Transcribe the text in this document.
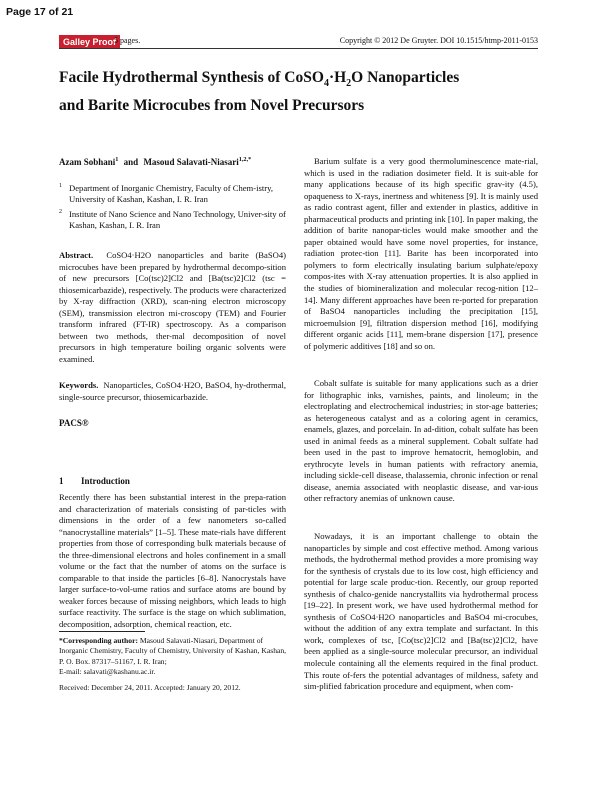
Page 17 of 21
Galley Proof
5 pages.	Copyright © 2012 De Gruyter. DOI 10.1515/htmp-2011-0153
Facile Hydrothermal Synthesis of $CoSO_4\cdot H_2O$ Nanoparticles
and Barite Microcubes from Novel Precursors
Azam Sobhani$^1$ and Masoud Salavati-Niasari$^{1,2,*}$
1 Department of Inorganic Chemistry, Faculty of Chem-istry, University of Kashan, Kashan, I. R. Iran
2 Institute of Nano Science and Nano Technology, Univer-sity of Kashan, Kashan, I. R. Iran
Abstract. CoSO4·H2O nanoparticles and barite (BaSO4) microcubes have been prepared by hydrothermal decompo-sition of new precursors [Co(tsc)2]Cl2 and [Ba(tsc)2]Cl2 (tsc = thiosemicarbazide), respectively. The products were characterized by X-ray diffraction (XRD), scan-ning electron microscopy (SEM), transmission electron mi-croscopy (TEM) and Fourier transform infrared (FT-IR) spectroscopy. As a comparison between two methods, ther-mal decomposition of novel precursors in high temperature boiling organic solvents were examined.
Keywords. Nanoparticles, CoSO4·H2O, BaSO4, hy-drothermal, single-source precursor, thiosemicarbazide.
PACS®
1 Introduction
Recently there has been substantial interest in the prepa-ration and characterization of materials consisting of par-ticles with dimensions in the order of a few nanometers so-called “nanocrystalline materials” [1–5]. These mate-rials have different properties from those of corresponding bulk materials because of the three-dimensional electrons and holes confinement in a small volume or the fact that the number of atoms on the surface is comparable to that inside the particles [6–8]. Nanocrystals have larger surface-to-vol-ume ratios and surface atoms are bound by weaker forces because of missing neighbors, which leads to high surface reactivity. The surface is the stage on which sublimation, decomposition, adsorption, chemical reaction, etc.
*Corresponding author: Masoud Salavati-Niasari, Department of Inorganic Chemistry, Faculty of Chemistry, University of Kashan, Kashan, P. O. Box. 87317–51167, I. R. Iran;
E-mail: salavati@kashanu.ac.ir.
Received: December 24, 2011. Accepted: January 20, 2012.
Barium sulfate is a very good thermoluminescence mate-rial, which is used in the radiation dosimeter field. It is suit-able for many applications because of its high specific grav-ity (4.5), opaqueness to X-rays, inertness and whiteness [9]. It is mainly used as radio contrast agent, filler and extender in plastics, additive in pharmaceutical products and printing ink [10]. In paper making, the addition of barite nanopar-ticles would make smoother and the paper obtained would have some novel properties, for instance, radiation protec-tion [11]. Barite has been incorporated into polymers to form electrically insulating barium sulphate/epoxy compos-ites with X-ray attenuation properties. It is also applied in the studies of biomineralization and molecular recog-nition [12–14]. Many different approaches have been re-ported for preparation of BaSO4 nanoparticles including the precipitation [15], microemulsion [9], filtration dispersion method [16], modifying different organic acids [11], mem-brane dispersion [17], presence of polymeric additives [18] and so on.
Cobalt sulfate is suitable for many applications such as a drier for lithographic inks, varnishes, paints, and linoleum; in the electroplating and electrochemical industries; in stor-age batteries; as heterogeneous catalyst and as a coloring agent in ceramics, enamels, glazes, and porcelain. In ad-dition, cobalt sulfate has been used in animal feeds as a mineral supplement. Cobalt sulfate had been used in the past to improve hematocrit, hemoglobin, and erythrocyte levels in human patients with refractory anemia, including sickle-cell disease, thalassemia, chronic infection or renal disease, anemia associated with neoplastic disease, and var-ious other refractory anemias of unknown cause.
Nowadays, it is an important challenge to obtain the nanoparticles by simple and cost effective method. Among various methods, the hydrothermal method provides a more promising way for the synthesis of crystals due to its low cost, high efficiency and potential for large scale produc-tion. Recently, our group reported synthesis of chalco-genide nancrystallits via hydrothermal process [19–22]. In present work, we have used hydrothermal method for synthesis of CoSO4·H2O nanoparticles and BaSO4 mi-crocubes, without the addition of any extra template and surfactant. In this work, complexes of tsc, [Co(tsc)2]Cl2 and [Ba(tsc)2]Cl2, have been applied as a single-source molecular precursor, an individual molecule containing all the elements required in the final product. This route of-fers the potential advantages of mildness, safety and sim-plified fabrication procedure and equipment, when com-
